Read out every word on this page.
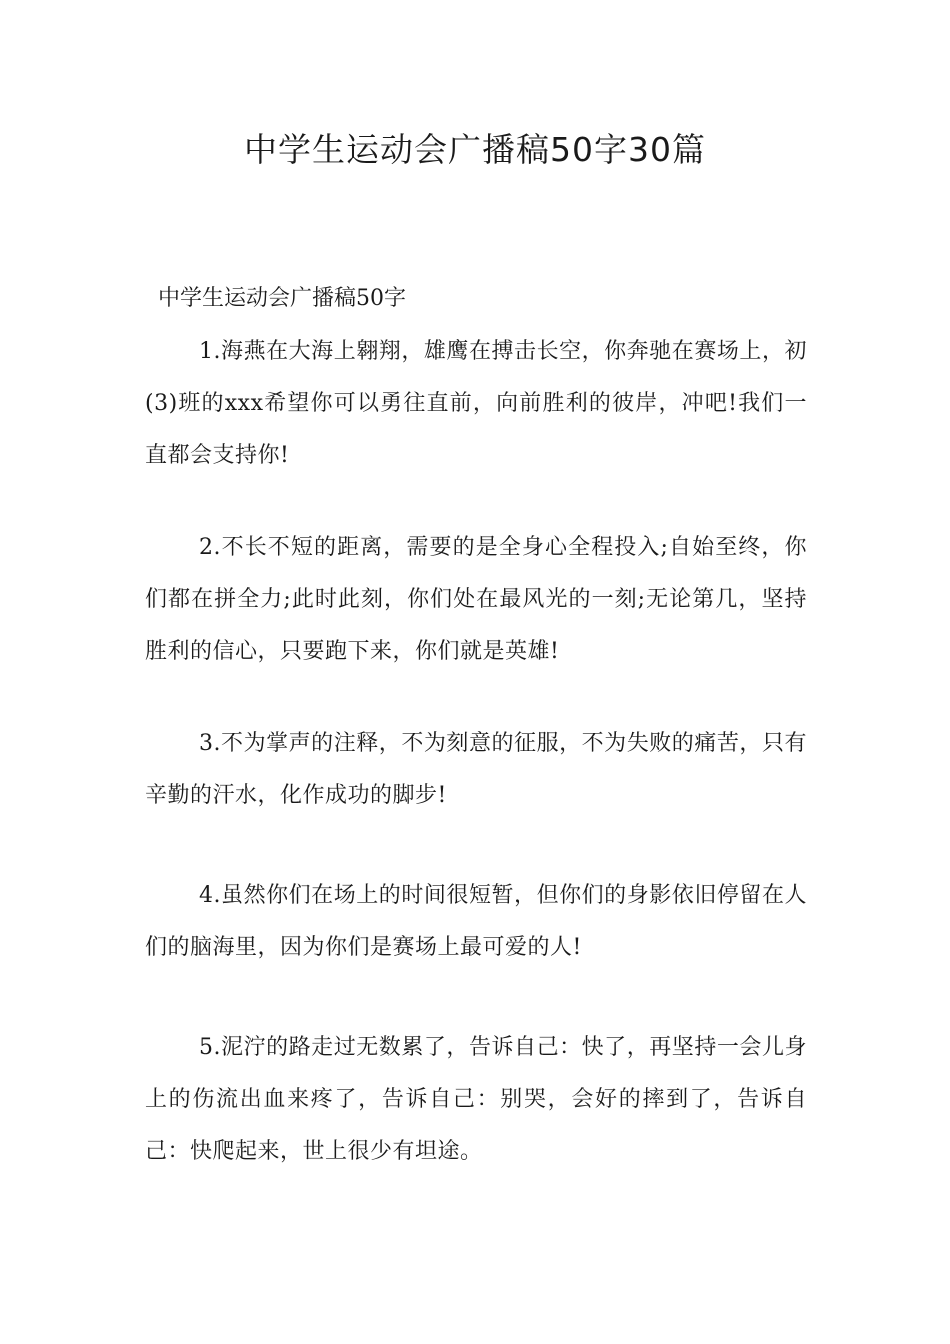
中学生运动会广播稿50字30篇

中学生运动会广播稿50字

1.海燕在大海上翱翔，雄鹰在搏击长空，你奔驰在赛场上，初(3)班的xxx希望你可以勇往直前，向前胜利的彼岸，冲吧!我们一直都会支持你!

2.不长不短的距离，需要的是全身心全程投入;自始至终，你们都在拼全力;此时此刻，你们处在最风光的一刻;无论第几，坚持胜利的信心，只要跑下来，你们就是英雄!

3.不为掌声的注释，不为刻意的征服，不为失败的痛苦，只有辛勤的汗水，化作成功的脚步!

4.虽然你们在场上的时间很短暂，但你们的身影依旧停留在人们的脑海里，因为你们是赛场上最可爱的人!

5.泥泞的路走过无数累了，告诉自己：快了，再坚持一会儿身上的伤流出血来疼了，告诉自己：别哭，会好的摔到了，告诉自己：快爬起来，世上很少有坦途。
